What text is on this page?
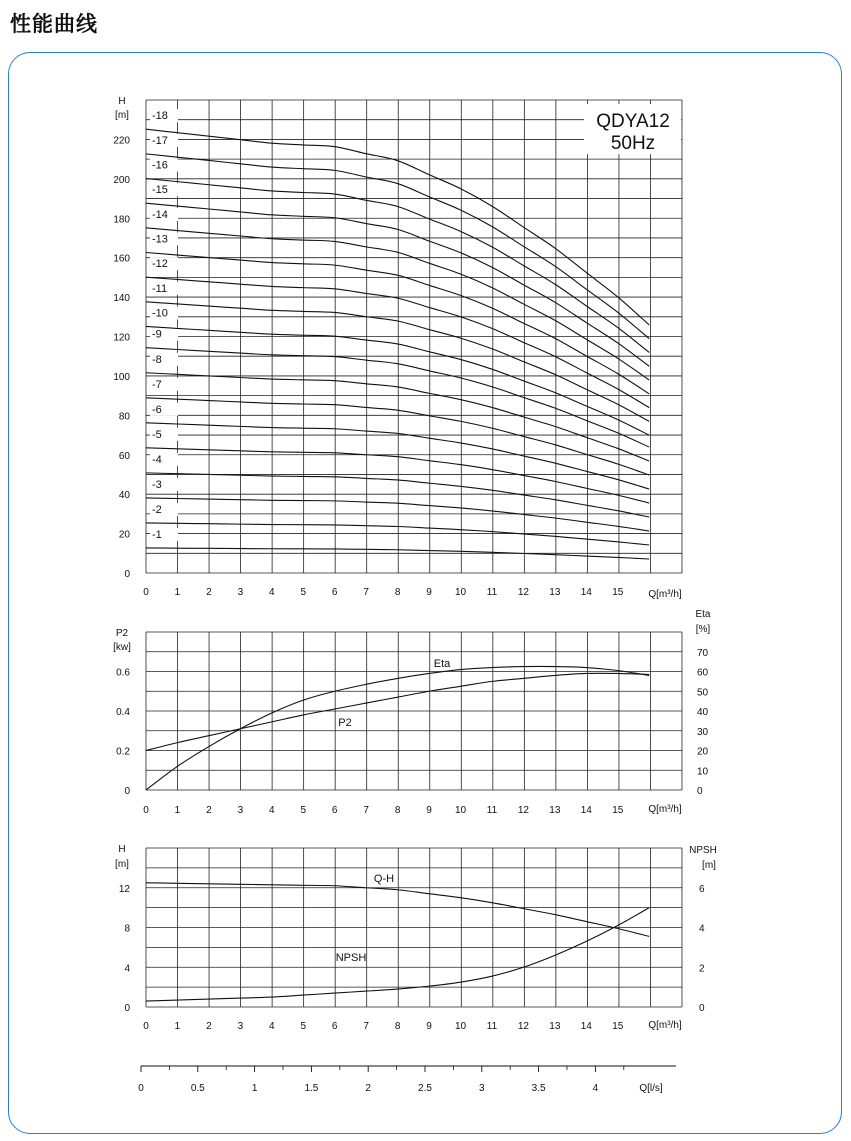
性能曲线
H
[m]
0
20
40
60
80
100
120
140
160
180
200
220
0	1	2	3	4	5	6	7	8	9 10 11 12 13 14 15	Q[m³/h]
QDYA12
50Hz
-1
-2
-3
-4
-5
-6
-7
-8
-9
-10
-11
-12
-13
-14
-15
-16
-17
-18
P2
[kw]
Eta
[%]
0
0.2
0.4
0.6
0
10
20
30
40
50
60
70
0	1	2	3	4	5	6	7	8	9 10 11 12 13 14 15	Q[m³/h]
Eta
P2
H
[m]
NPSH
[m]
0
4
8
12
0
2
4
6
0	1	2	3	4	5	6	7	8	9 10 11 12 13 14 15	Q[m³/h]
Q-H
NPSH
0	0.5	1	1.5	2	2.5	3	3.5	4	Q[l/s]
